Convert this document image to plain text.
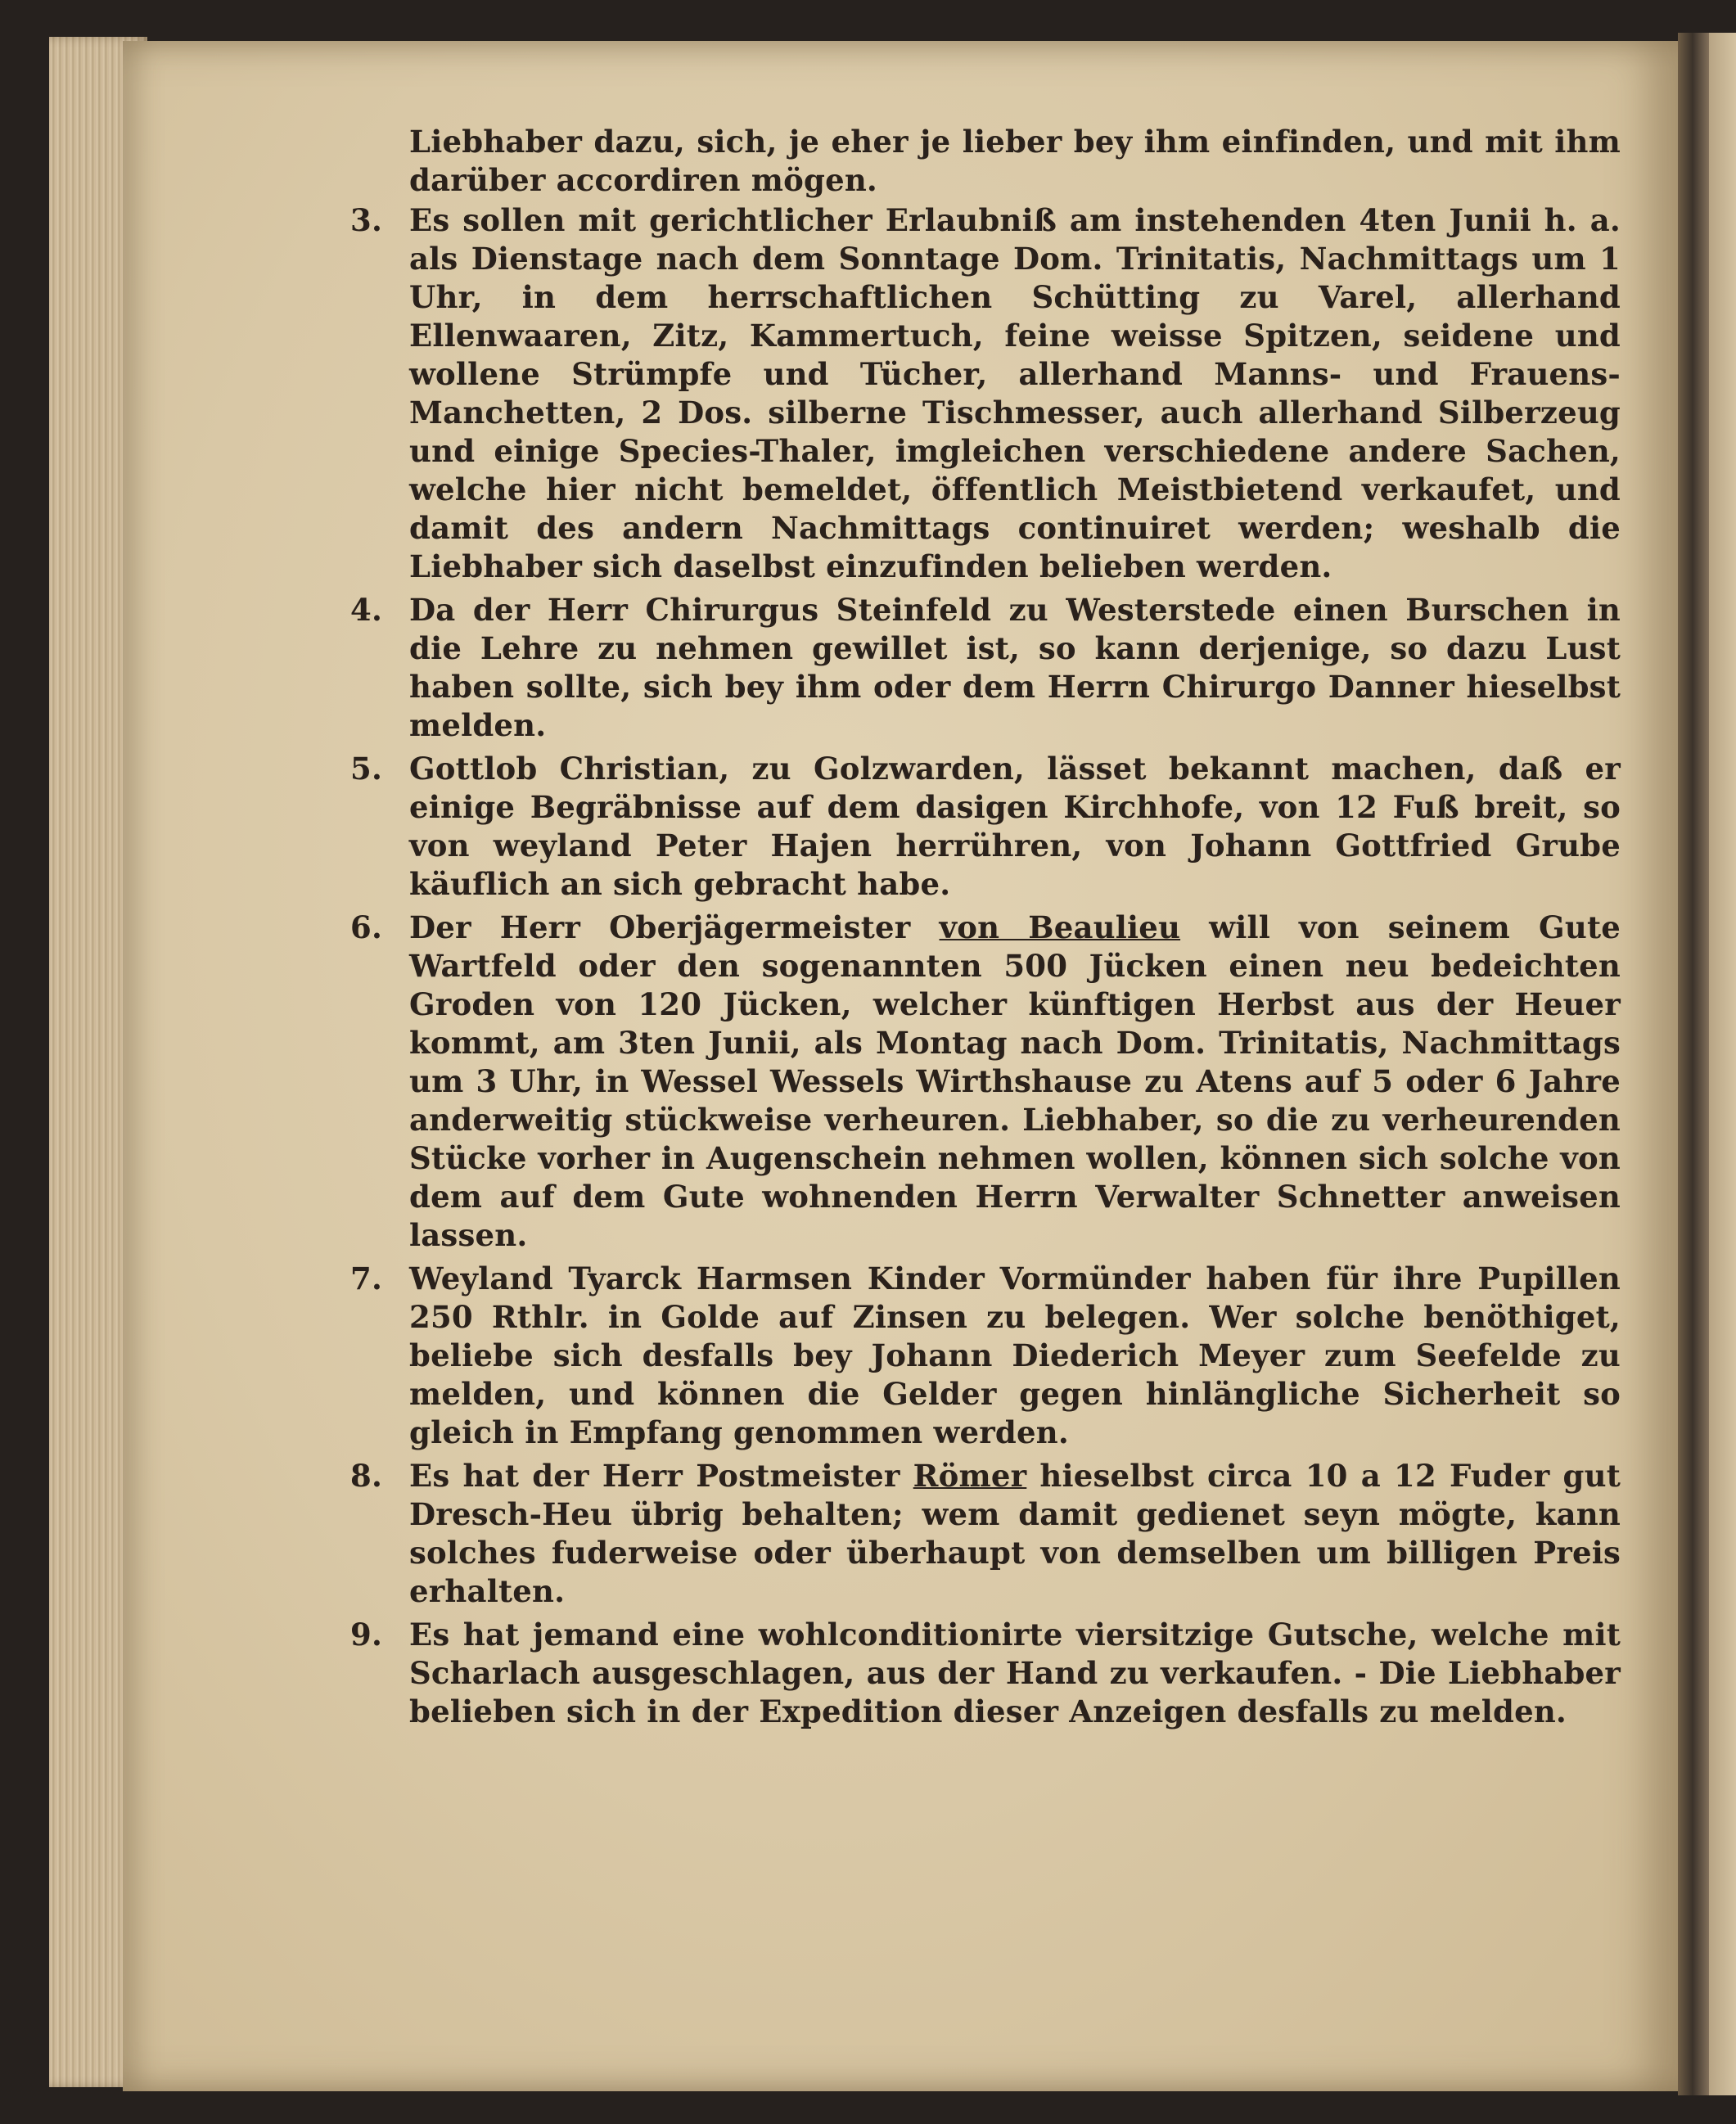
Liebhaber dazu, sich, je eher je lieber bey ihm einfinden, und mit ihm darüber accordiren mögen.
3. Es sollen mit gerichtlicher Erlaubniß am instehenden 4ten Junii h. a. als Dienstage nach dem Sonntage Dom. Trinitatis, Nachmittags um 1 Uhr, in dem herrschaftlichen Schütting zu Varel, allerhand Ellenwaaren, Zitz, Kammertuch, feine weisse Spitzen, seidene und wollene Strümpfe und Tücher, allerhand Manns- und Frauens-Manchetten, 2 Dos. silberne Tischmesser, auch allerhand Silberzeug und einige Species-Thaler, imgleichen verschiedene andere Sachen, welche hier nicht bemeldet, öffentlich Meistbietend verkaufet, und damit des andern Nachmittags continuiret werden; weshalb die Liebhaber sich daselbst einzufinden belieben werden.
4. Da der Herr Chirurgus Steinfeld zu Westerstede einen Burschen in die Lehre zu nehmen gewillet ist, so kann derjenige, so dazu Lust haben sollte, sich bey ihm oder dem Herrn Chirurgo Danner hieselbst melden.
5. Gottlob Christian, zu Golzwarden, lässet bekannt machen, daß er einige Begräbnisse auf dem dasigen Kirchhofe, von 12 Fuß breit, so von weyland Peter Hajen herrühren, von Johann Gottfried Grube käuflich an sich gebracht habe.
6. Der Herr Oberjägermeister von Beaulieu will von seinem Gute Wartfeld oder den sogenannten 500 Jücken einen neu bedeichten Groden von 120 Jücken, welcher künftigen Herbst aus der Heuer kommt, am 3ten Junii, als Montag nach Dom. Trinitatis, Nachmittags um 3 Uhr, in Wessel Wessels Wirthshause zu Atens auf 5 oder 6 Jahre anderweitig stückweise verheuren. Liebhaber, so die zu verheurenden Stücke vorher in Augenschein nehmen wollen, können sich solche von dem auf dem Gute wohnenden Herrn Verwalter Schnetter anweisen lassen.
7. Weyland Tyarck Harmsen Kinder Vormünder haben für ihre Pupillen 250 Rthlr. in Golde auf Zinsen zu belegen. Wer solche benöthiget, beliebe sich desfalls bey Johann Diederich Meyer zum Seefelde zu melden, und können die Gelder gegen hinlängliche Sicherheit so gleich in Empfang genommen werden.
8. Es hat der Herr Postmeister Römer hieselbst circa 10 a 12 Fuder gut Dresch-Heu übrig behalten; wem damit gedienet seyn mögte, kann solches fuderweise oder überhaupt von demselben um billigen Preis erhalten.
9. Es hat jemand eine wohlconditionirte viersitzige Gutsche, welche mit Scharlach ausgeschlagen, aus der Hand zu verkaufen. - Die Liebhaber belieben sich in der Expedition dieser Anzeigen desfalls zu melden.
